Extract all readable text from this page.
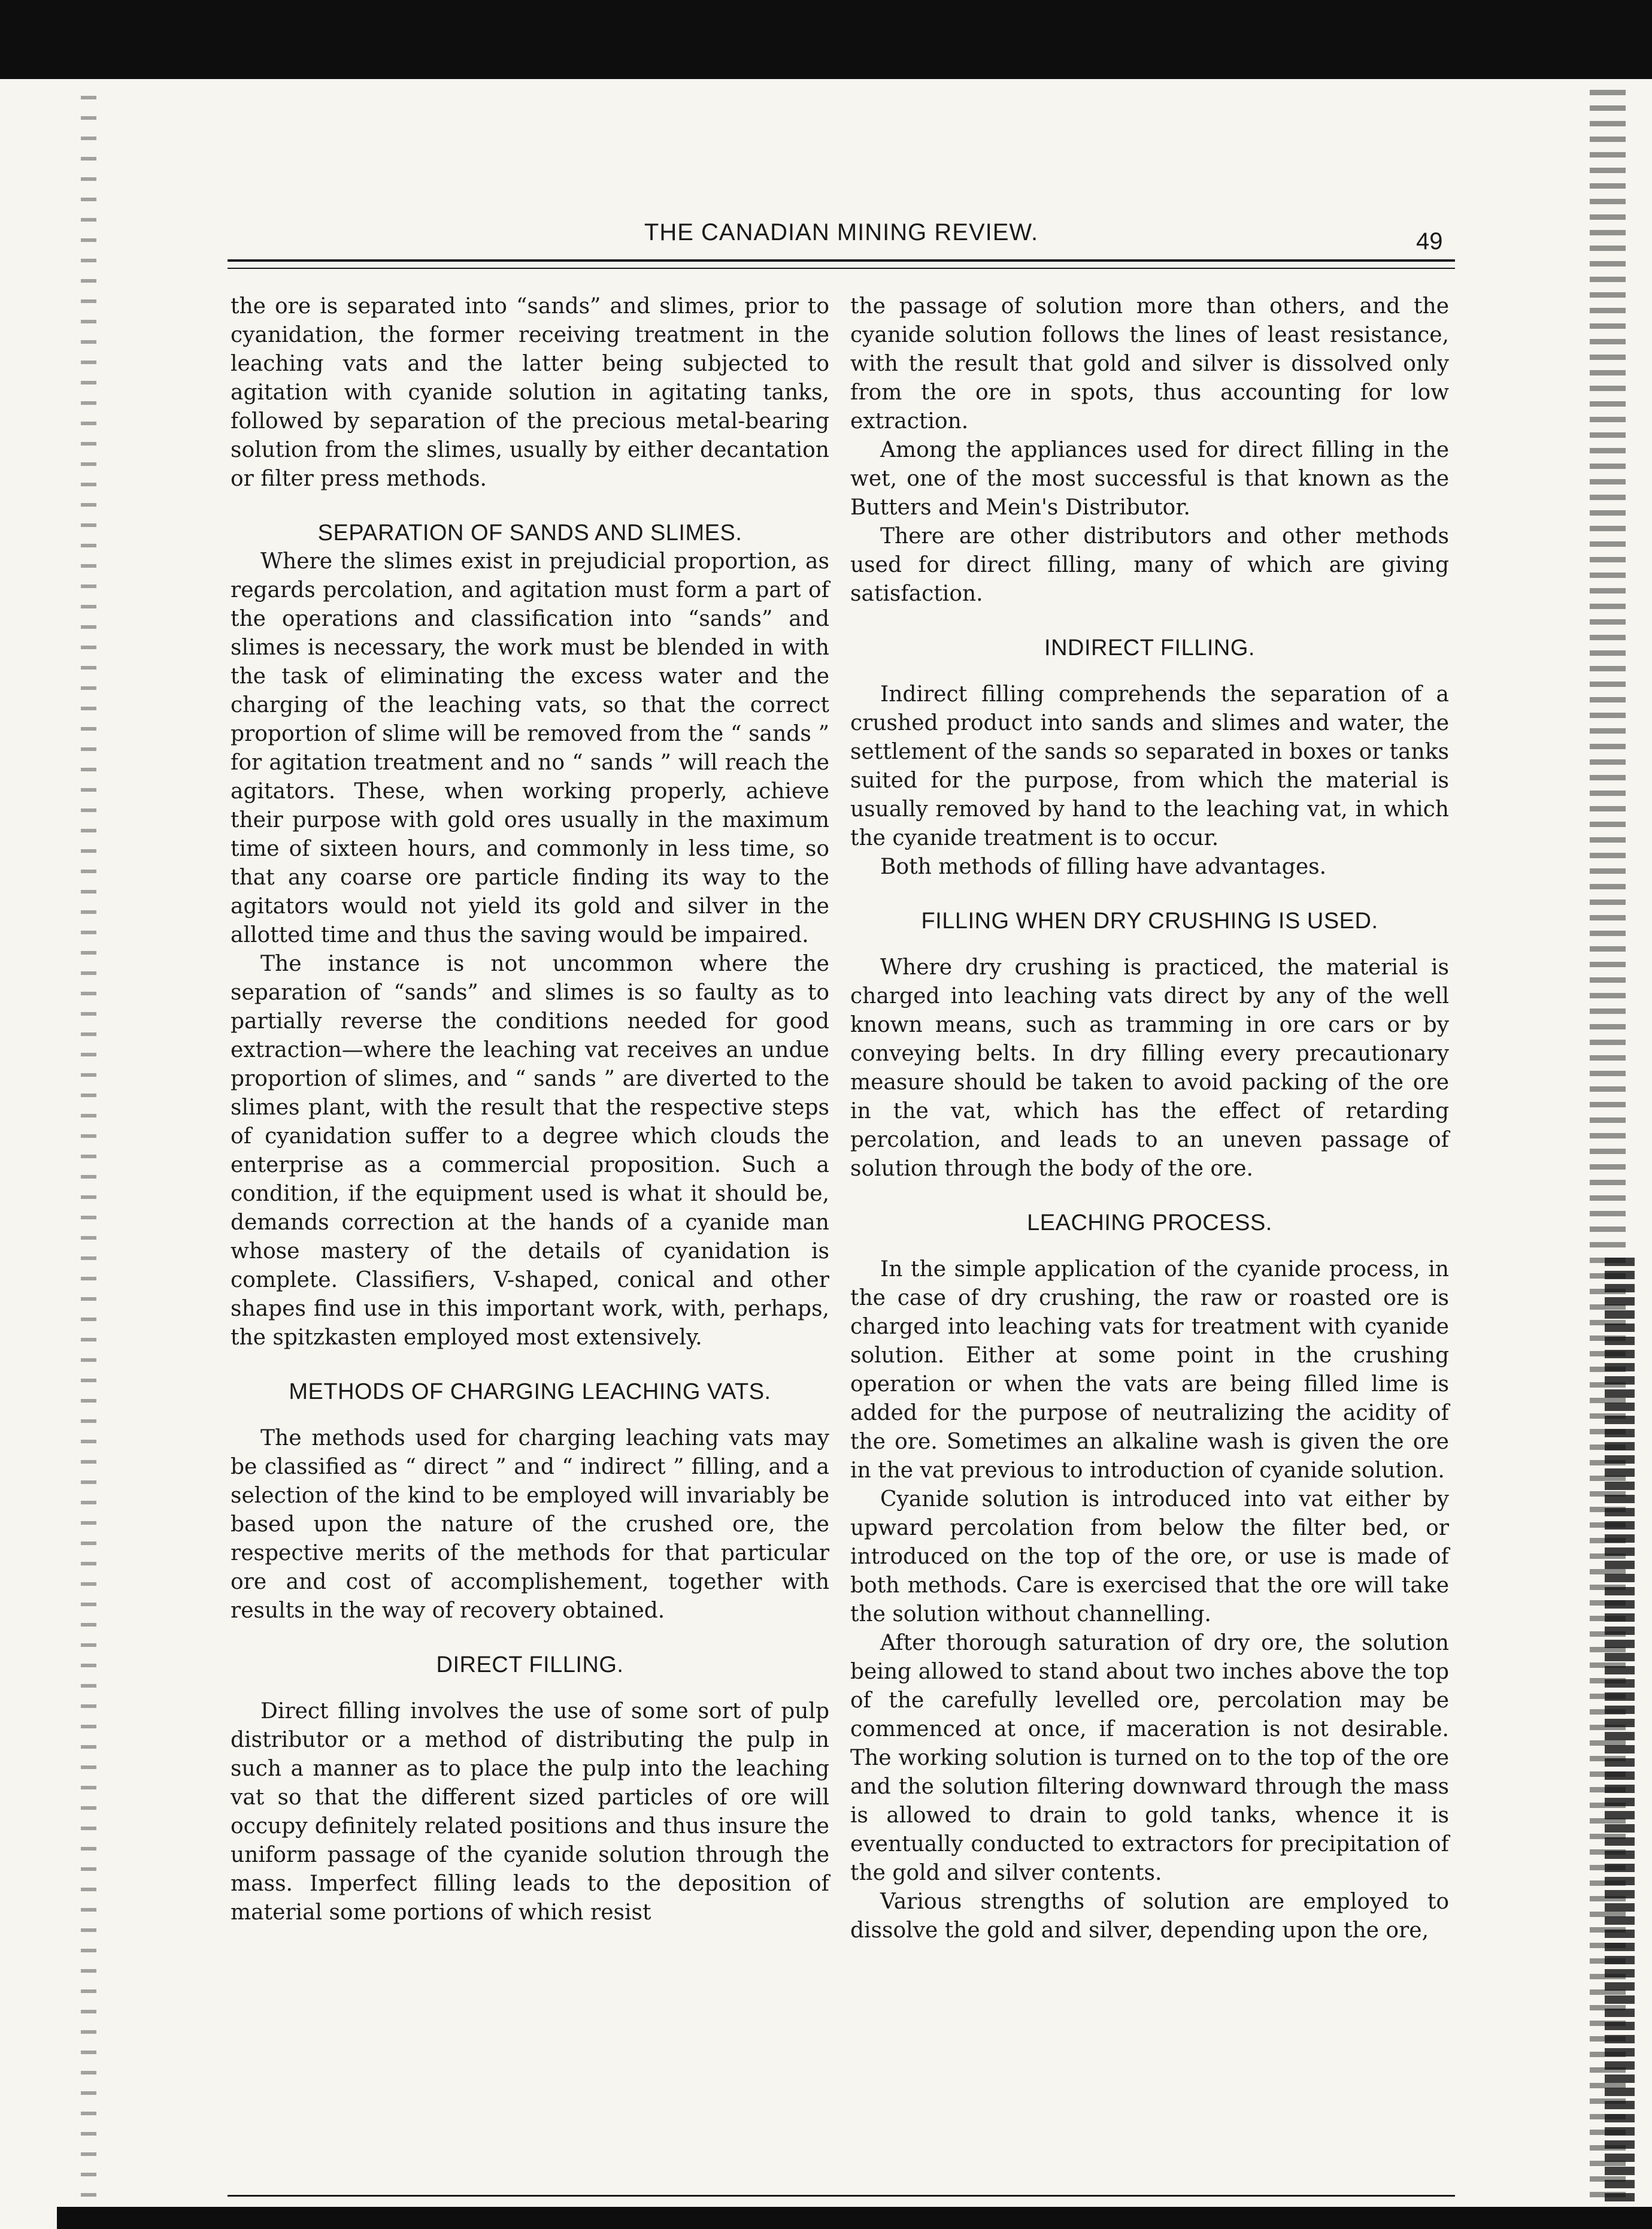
THE CANADIAN MINING REVIEW.	49

the ore is separated into “sands” and slimes, prior to cyanidation, the former receiving treatment in the leaching vats and the latter being subjected to agitation with cyanide solution in agitating tanks, followed by separation of the precious metal-bearing solution from the slimes, usually by either decantation or filter press methods.

SEPARATION OF SANDS AND SLIMES.

Where the slimes exist in prejudicial proportion, as regards percolation, and agitation must form a part of the operations and classification into “sands” and slimes is necessary, the work must be blended in with the task of eliminating the excess water and the charging of the leaching vats, so that the correct proportion of slime will be removed from the “ sands ” for agitation treatment and no “ sands ” will reach the agitators. These, when working properly, achieve their purpose with gold ores usually in the maximum time of sixteen hours, and commonly in less time, so that any coarse ore particle finding its way to the agitators would not yield its gold and silver in the allotted time and thus the saving would be impaired.

The instance is not uncommon where the separation of “sands” and slimes is so faulty as to partially reverse the conditions needed for good extraction—where the leaching vat receives an undue proportion of slimes, and “ sands ” are diverted to the slimes plant, with the result that the respective steps of cyanidation suffer to a degree which clouds the enterprise as a commercial proposition. Such a condition, if the equipment used is what it should be, demands correction at the hands of a cyanide man whose mastery of the details of cyanidation is complete. Classifiers, V-shaped, conical and other shapes find use in this important work, with, perhaps, the spitzkasten employed most extensively.

METHODS OF CHARGING LEACHING VATS.

The methods used for charging leaching vats may be classified as “ direct ” and “ indirect ” filling, and a selection of the kind to be employed will invariably be based upon the nature of the crushed ore, the respective merits of the methods for that particular ore and cost of accomplishement, together with results in the way of recovery obtained.

DIRECT FILLING.

Direct filling involves the use of some sort of pulp distributor or a method of distributing the pulp in such a manner as to place the pulp into the leaching vat so that the different sized particles of ore will occupy definitely related positions and thus insure the uniform passage of the cyanide solution through the mass. Imperfect filling leads to the deposition of material some portions of which resist

the passage of solution more than others, and the cyanide solution follows the lines of least resistance, with the result that gold and silver is dissolved only from the ore in spots, thus accounting for low extraction.

Among the appliances used for direct filling in the wet, one of the most successful is that known as the Butters and Mein's Distributor.

There are other distributors and other methods used for direct filling, many of which are giving satisfaction.

INDIRECT FILLING.

Indirect filling comprehends the separation of a crushed product into sands and slimes and water, the settlement of the sands so separated in boxes or tanks suited for the purpose, from which the material is usually removed by hand to the leaching vat, in which the cyanide treatment is to occur.

Both methods of filling have advantages.

FILLING WHEN DRY CRUSHING IS USED.

Where dry crushing is practiced, the material is charged into leaching vats direct by any of the well known means, such as tramming in ore cars or by conveying belts. In dry filling every precautionary measure should be taken to avoid packing of the ore in the vat, which has the effect of retarding percolation, and leads to an uneven passage of solution through the body of the ore.

LEACHING PROCESS.

In the simple application of the cyanide process, in the case of dry crushing, the raw or roasted ore is charged into leaching vats for treatment with cyanide solution. Either at some point in the crushing operation or when the vats are being filled lime is added for the purpose of neutralizing the acidity of the ore. Sometimes an alkaline wash is given the ore in the vat previous to introduction of cyanide solution.

Cyanide solution is introduced into vat either by upward percolation from below the filter bed, or introduced on the top of the ore, or use is made of both methods. Care is exercised that the ore will take the solution without channelling.

After thorough saturation of dry ore, the solution being allowed to stand about two inches above the top of the carefully levelled ore, percolation may be commenced at once, if maceration is not desirable. The working solution is turned on to the top of the ore and the solution filtering downward through the mass is allowed to drain to gold tanks, whence it is eventually conducted to extractors for precipitation of the gold and silver contents.

Various strengths of solution are employed to dissolve the gold and silver, depending upon the ore,
